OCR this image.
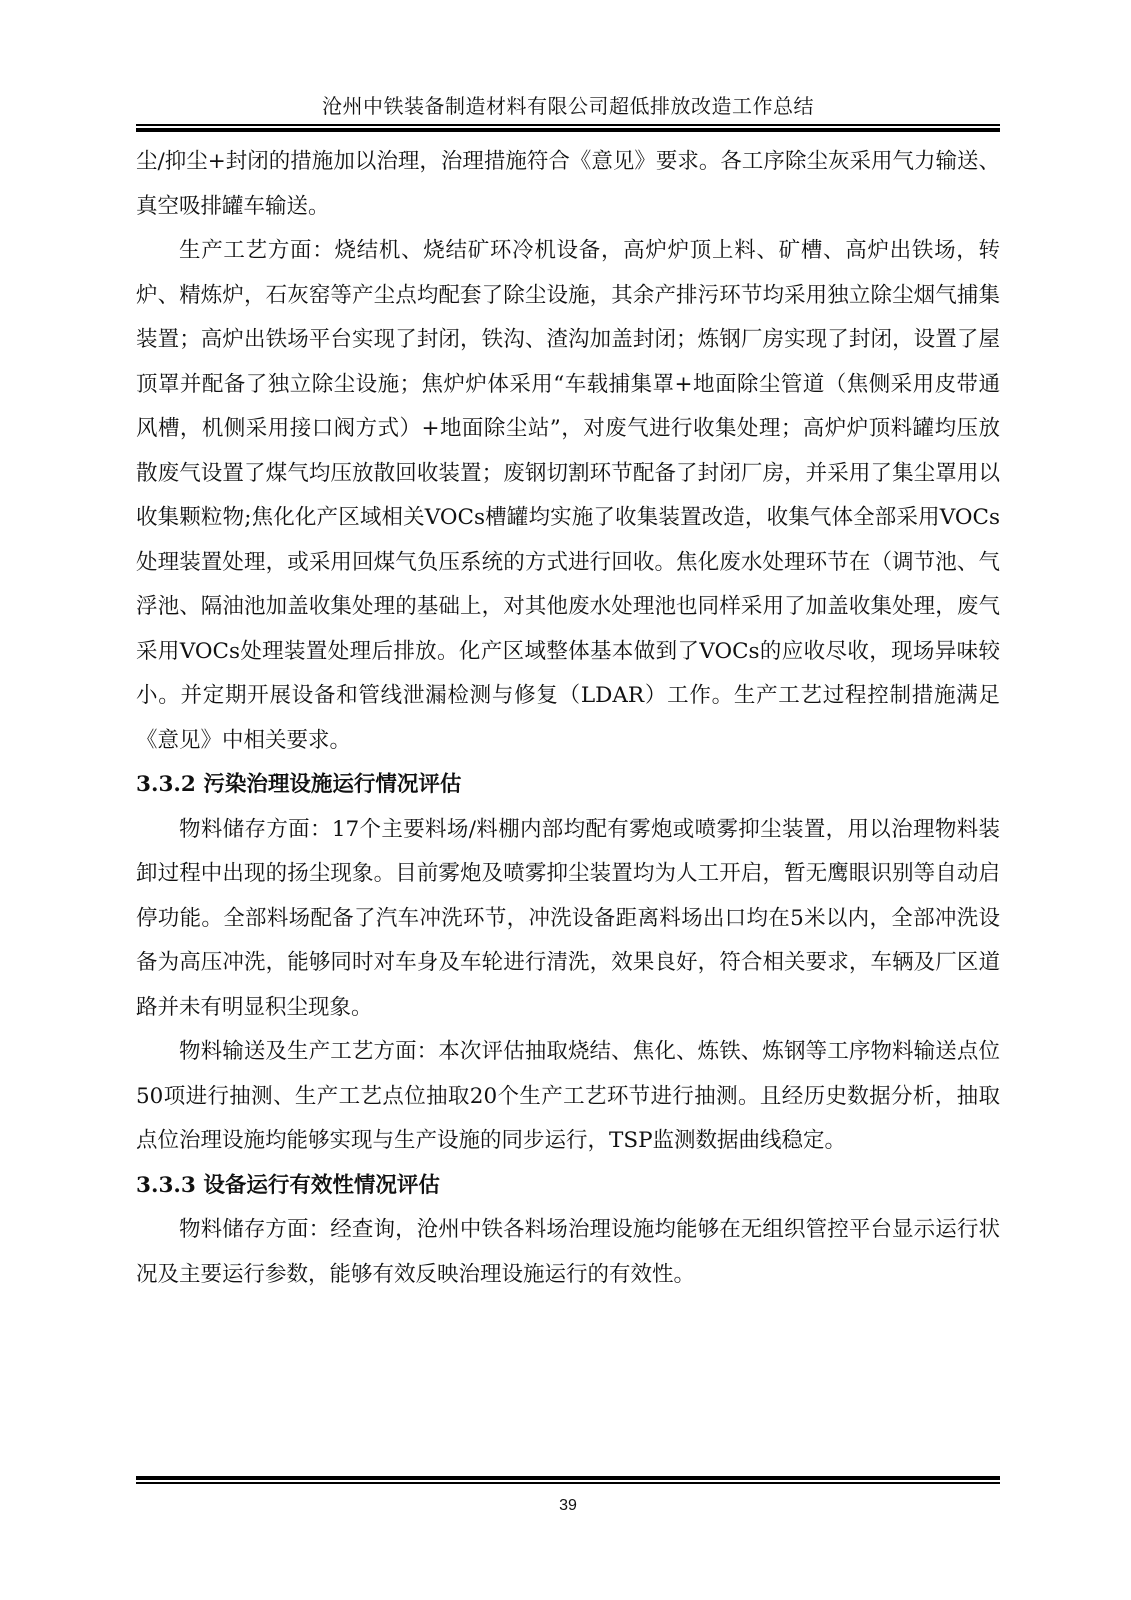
沧州中铁装备制造材料有限公司超低排放改造工作总结

尘/抑尘+封闭的措施加以治理，治理措施符合《意见》要求。各工序除尘灰采用气力输送、真空吸排罐车输送。

生产工艺方面：烧结机、烧结矿环冷机设备，高炉炉顶上料、矿槽、高炉出铁场，转炉、精炼炉，石灰窑等产尘点均配套了除尘设施，其余产排污环节均采用独立除尘烟气捕集装置；高炉出铁场平台实现了封闭，铁沟、渣沟加盖封闭；炼钢厂房实现了封闭，设置了屋顶罩并配备了独立除尘设施；焦炉炉体采用“车载捕集罩+地面除尘管道（焦侧采用皮带通风槽，机侧采用接口阀方式）+地面除尘站”，对废气进行收集处理；高炉炉顶料罐均压放散废气设置了煤气均压放散回收装置；废钢切割环节配备了封闭厂房，并采用了集尘罩用以收集颗粒物;焦化化产区域相关VOCs槽罐均实施了收集装置改造，收集气体全部采用VOCs处理装置处理，或采用回煤气负压系统的方式进行回收。焦化废水处理环节在（调节池、气浮池、隔油池加盖收集处理的基础上，对其他废水处理池也同样采用了加盖收集处理，废气采用VOCs处理装置处理后排放。化产区域整体基本做到了VOCs的应收尽收，现场异味较小。并定期开展设备和管线泄漏检测与修复（LDAR）工作。生产工艺过程控制措施满足《意见》中相关要求。

3.3.2 污染治理设施运行情况评估

物料储存方面：17个主要料场/料棚内部均配有雾炮或喷雾抑尘装置，用以治理物料装卸过程中出现的扬尘现象。目前雾炮及喷雾抑尘装置均为人工开启，暂无鹰眼识别等自动启停功能。全部料场配备了汽车冲洗环节，冲洗设备距离料场出口均在5米以内，全部冲洗设备为高压冲洗，能够同时对车身及车轮进行清洗，效果良好，符合相关要求，车辆及厂区道路并未有明显积尘现象。

物料输送及生产工艺方面：本次评估抽取烧结、焦化、炼铁、炼钢等工序物料输送点位50项进行抽测、生产工艺点位抽取20个生产工艺环节进行抽测。且经历史数据分析，抽取点位治理设施均能够实现与生产设施的同步运行，TSP监测数据曲线稳定。

3.3.3 设备运行有效性情况评估

物料储存方面：经查询，沧州中铁各料场治理设施均能够在无组织管控平台显示运行状况及主要运行参数，能够有效反映治理设施运行的有效性。

39
